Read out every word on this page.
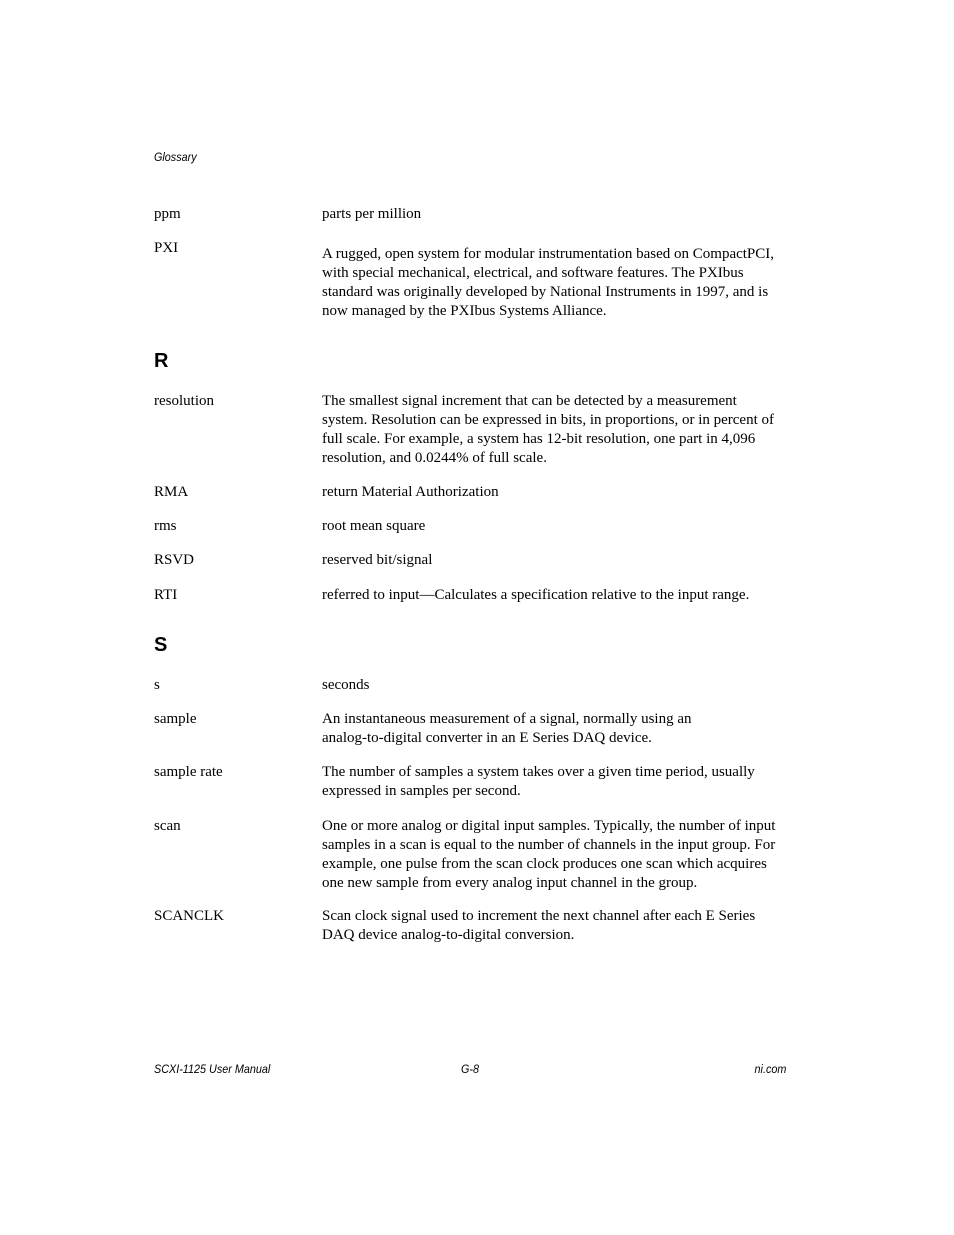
Glossary
ppm	parts per million
PXI	A rugged, open system for modular instrumentation based on CompactPCI,
with special mechanical, electrical, and software features. The PXIbus
standard was originally developed by National Instruments in 1997, and is
now managed by the PXIbus Systems Alliance.
R
resolution	The smallest signal increment that can be detected by a measurement
system. Resolution can be expressed in bits, in proportions, or in percent of
full scale. For example, a system has 12-bit resolution, one part in 4,096
resolution, and 0.0244% of full scale.
RMA	return Material Authorization
rms	root mean square
RSVD	reserved bit/signal
RTI	referred to input—Calculates a specification relative to the input range.
S
s	seconds
sample	An instantaneous measurement of a signal, normally using an
analog-to-digital converter in an E Series DAQ device.
sample rate	The number of samples a system takes over a given time period, usually
expressed in samples per second.
scan	One or more analog or digital input samples. Typically, the number of input
samples in a scan is equal to the number of channels in the input group. For
example, one pulse from the scan clock produces one scan which acquires
one new sample from every analog input channel in the group.
SCANCLK	Scan clock signal used to increment the next channel after each E Series
DAQ device analog-to-digital conversion.
SCXI-1125 User Manual	G-8	ni.com
